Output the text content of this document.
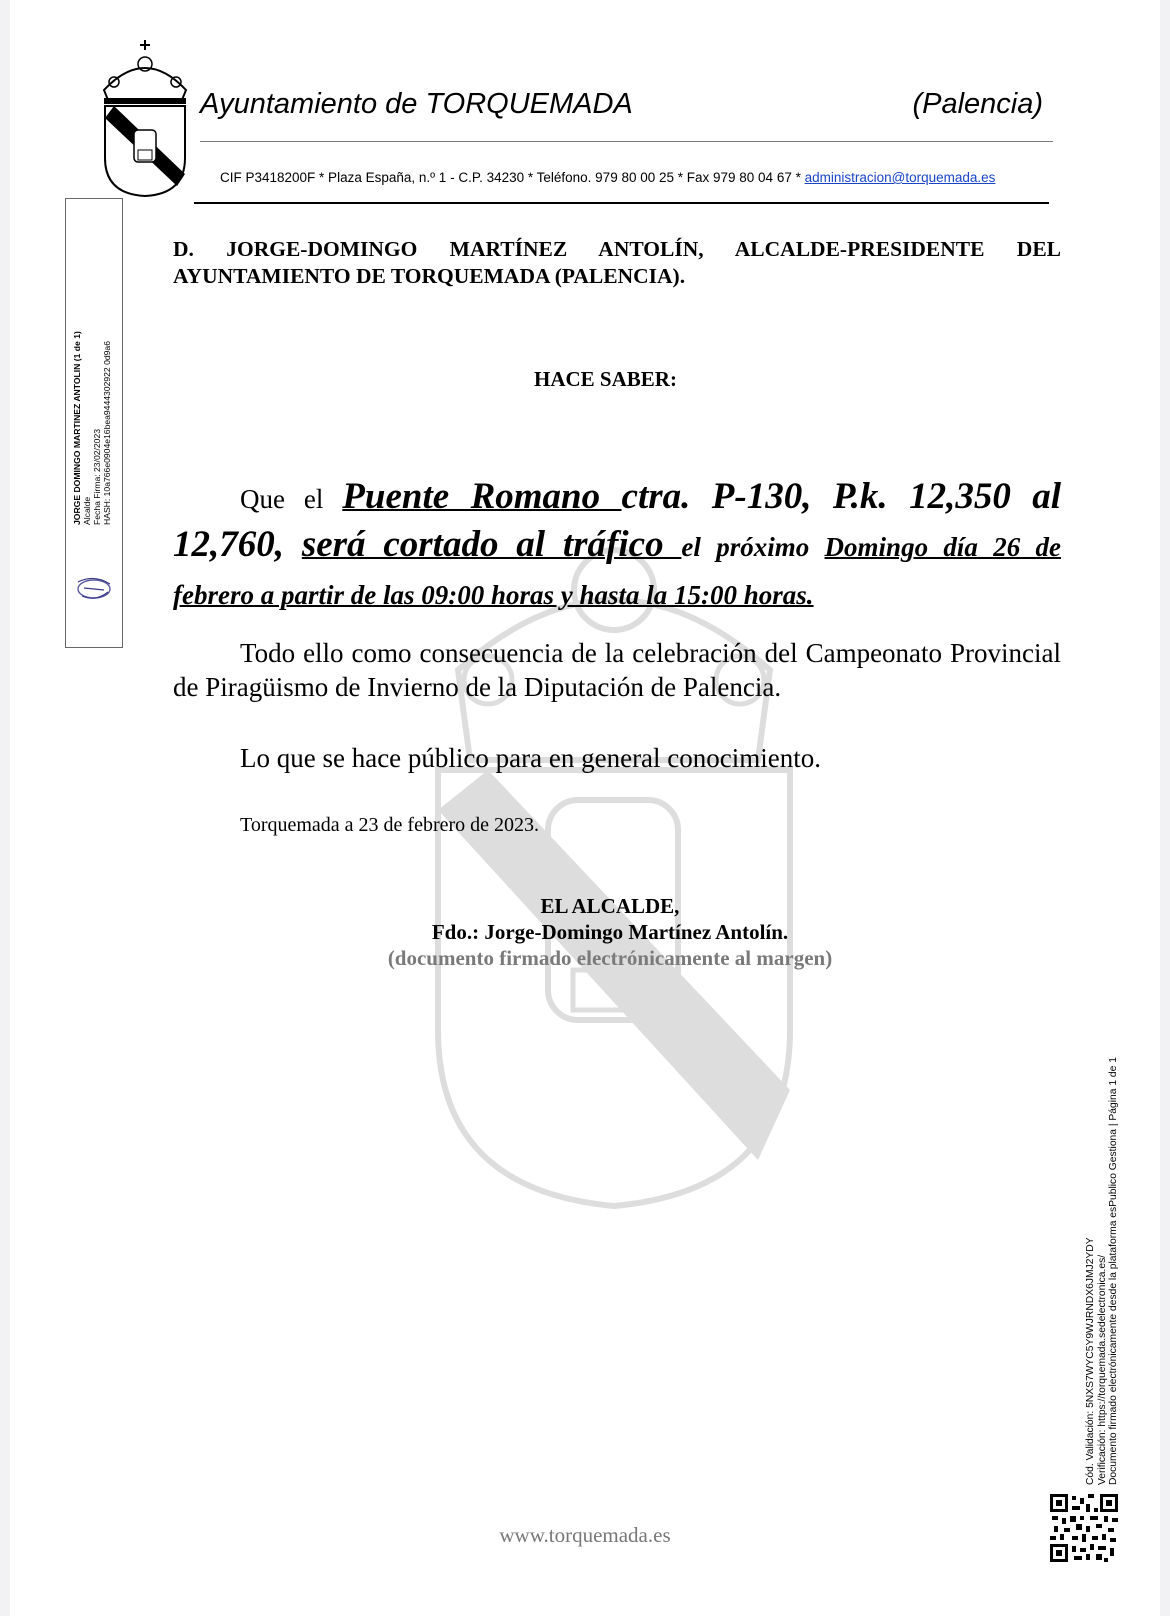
Ayuntamiento de TORQUEMADA	(Palencia)
CIF P3418200F * Plaza España, n.º 1 - C.P. 34230 * Teléfono. 979 80 00 25 * Fax 979 80 04 67 * administracion@torquemada.es
JORGE DOMINGO MARTINEZ ANTOLIN (1 de 1) Alcalde Fecha Firma: 23/02/2023 HASH: 10a766e0904e16bea9444302922 0d9a6
D. JORGE-DOMINGO MARTÍNEZ ANTOLÍN, ALCALDE-PRESIDENTE DEL
AYUNTAMIENTO DE TORQUEMADA (PALENCIA).
HACE SABER:
Que el Puente Romano ctra. P-130, P.k. 12,350 al 12,760, será cortado al tráfico el próximo Domingo día 26 de febrero a partir de las 09:00 horas y hasta la 15:00 horas.
Todo ello como consecuencia de la celebración del Campeonato Provincial de Piragüismo de Invierno de la Diputación de Palencia.
Lo que se hace público para en general conocimiento.
Torquemada a 23 de febrero de 2023.
EL ALCALDE,
Fdo.: Jorge-Domingo Martínez Antolín.
(documento firmado electrónicamente al margen)
www.torquemada.es
Cód. Validación: 5NXS7WYC5Y9WJRNDX6JMJ2YDY Verificación: https://torquemada.sedelectronica.es/ Documento firmado electrónicamente desde la plataforma esPublico Gestiona | Página 1 de 1
